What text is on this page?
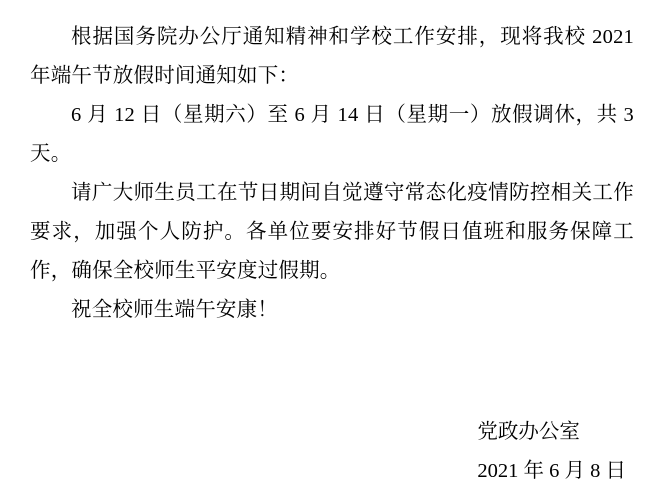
根据国务院办公厅通知精神和学校工作安排，现将我校 2021 年端午节放假时间通知如下：

6 月 12 日（星期六）至 6 月 14 日（星期一）放假调休，共 3 天。

请广大师生员工在节日期间自觉遵守常态化疫情防控相关工作要求，加强个人防护。各单位要安排好节假日值班和服务保障工作，确保全校师生平安度过假期。

祝全校师生端午安康！

党政办公室
2021 年 6 月 8 日
